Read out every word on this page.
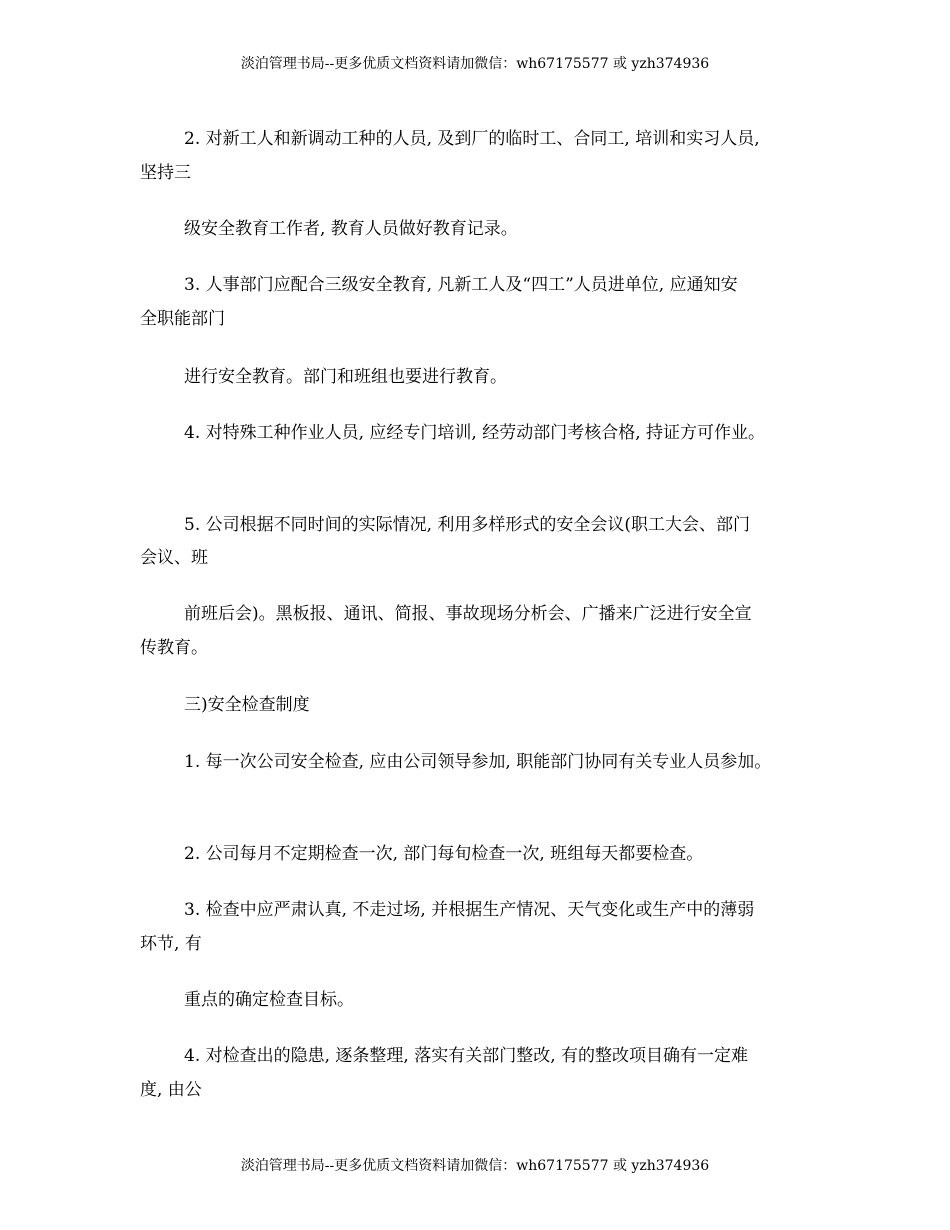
淡泊管理书局--更多优质文档资料请加微信：wh67175577 或 yzh374936
2. 对新工人和新调动工种的人员, 及到厂的临时工、合同工, 培训和实习人员,
坚持三
级安全教育工作者, 教育人员做好教育记录。
3. 人事部门应配合三级安全教育, 凡新工人及“四工”人员进单位, 应通知安
全职能部门
进行安全教育。部门和班组也要进行教育。
4. 对特殊工种作业人员, 应经专门培训, 经劳动部门考核合格, 持证方可作业。
5. 公司根据不同时间的实际情况, 利用多样形式的安全会议(职工大会、部门
会议、班
前班后会)。黑板报、通讯、简报、事故现场分析会、广播来广泛进行安全宣
传教育。
三)安全检查制度
1. 每一次公司安全检查, 应由公司领导参加, 职能部门协同有关专业人员参加。
2. 公司每月不定期检查一次, 部门每旬检查一次, 班组每天都要检查。
3. 检查中应严肃认真, 不走过场, 并根据生产情况、天气变化或生产中的薄弱
环节, 有
重点的确定检查目标。
4. 对检查出的隐患, 逐条整理, 落实有关部门整改, 有的整改项目确有一定难
度, 由公
淡泊管理书局--更多优质文档资料请加微信：wh67175577 或 yzh374936
